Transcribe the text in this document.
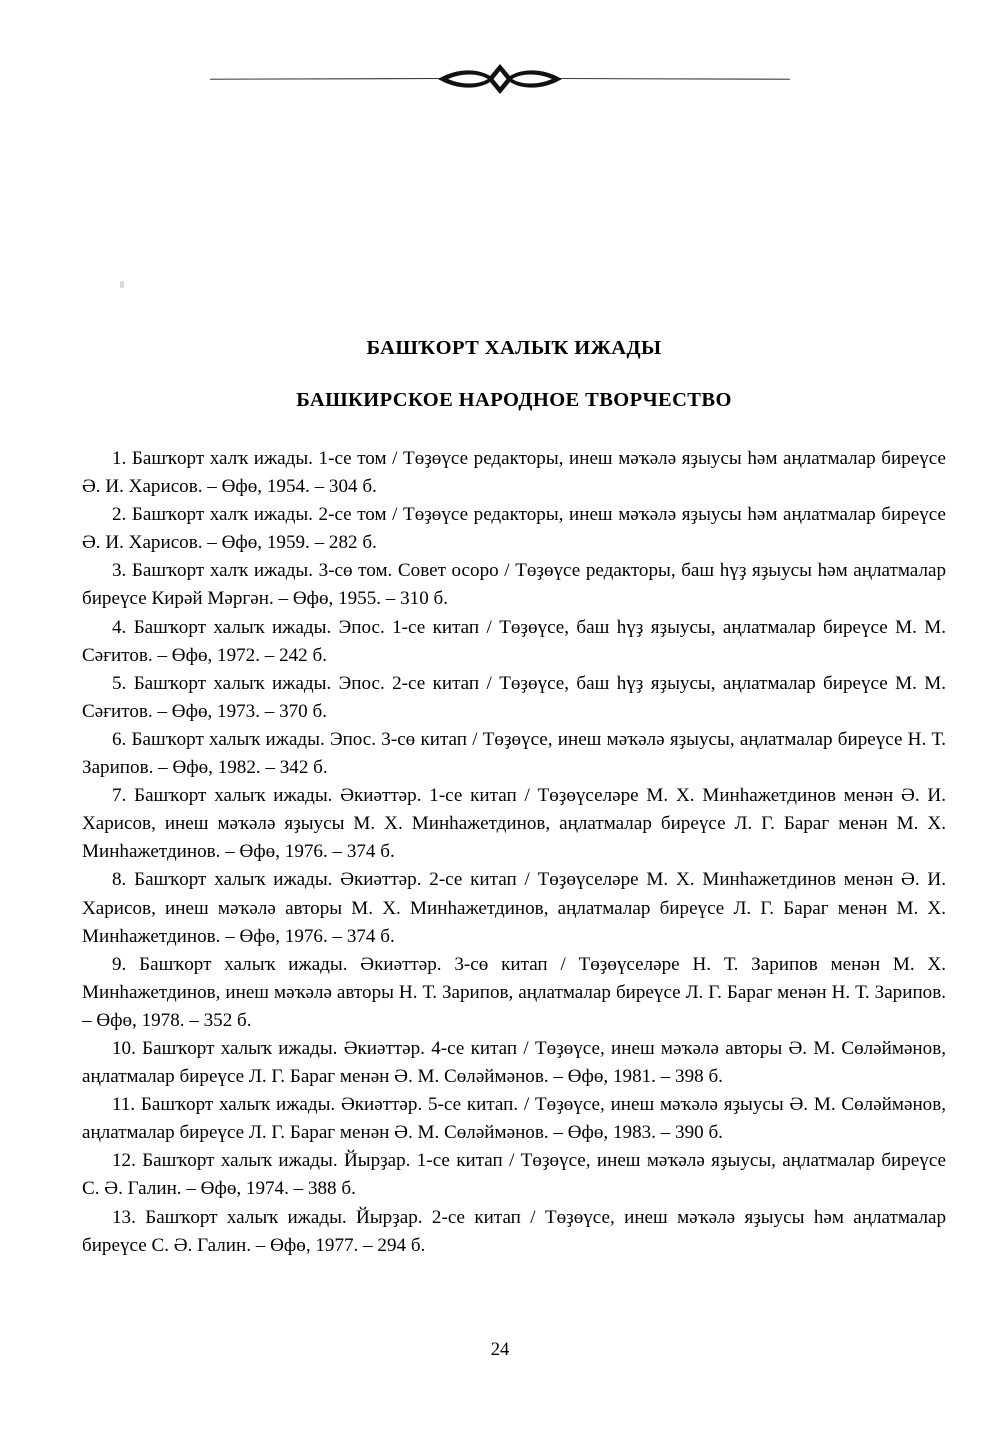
БАШҠОРТ ХАЛЫҠ ИЖАДЫ
БАШКИРСКОЕ НАРОДНОЕ ТВОРЧЕСТВО

1. Башҡорт халҡ ижады. 1-се том / Төҙөүсе редакторы, инеш мәҡәлә яҙыусы һәм аңлатмалар биреүсе Ә. И. Харисов. – Өфө, 1954. – 304 б.

2. Башҡорт халҡ ижады. 2-се том / Төҙөүсе редакторы, инеш мәҡәлә яҙыусы һәм аңлатмалар биреүсе Ә. И. Харисов. – Өфө, 1959. – 282 б.

3. Башҡорт халҡ ижады. 3-сө том. Совет осоро / Төҙөүсе редакторы, баш һүҙ яҙыусы һәм аңлатмалар биреүсе Кирәй Мәргән. – Өфө, 1955. – 310 б.

4. Башҡорт халыҡ ижады. Эпос. 1-се китап / Төҙөүсе, баш һүҙ яҙыусы, аңлатмалар биреүсе М. М. Сәғитов. – Өфө, 1972. – 242 б.

5. Башҡорт халыҡ ижады. Эпос. 2-се китап / Төҙөүсе, баш һүҙ яҙыусы, аңлатмалар биреүсе М. М. Сәғитов. – Өфө, 1973. – 370 б.

6. Башҡорт халыҡ ижады. Эпос. 3-сө китап / Төҙөүсе, инеш мәҡәлә яҙыусы, аңлатмалар биреүсе Н. Т. Зарипов. – Өфө, 1982. – 342 б.

7. Башҡорт халыҡ ижады. Әкиәттәр. 1-се китап / Төҙөүселәре М. Х. Минһажетдинов менән Ә. И. Харисов, инеш мәҡәлә яҙыусы М. Х. Минһажетдинов, аңлатмалар биреүсе Л. Г. Бараг менән М. Х. Минһажетдинов. – Өфө, 1976. – 374 б.

8. Башҡорт халыҡ ижады. Әкиәттәр. 2-се китап / Төҙөүселәре М. Х. Минһажетдинов менән Ә. И. Харисов, инеш мәҡәлә авторы М. Х. Минһажетдинов, аңлатмалар биреүсе Л. Г. Бараг менән М. Х. Минһажетдинов. – Өфө, 1976. – 374 б.

9. Башҡорт халыҡ ижады. Әкиәттәр. 3-сө китап / Төҙөүселәре Н. Т. Зарипов менән М. Х. Минһажетдинов, инеш мәҡәлә авторы Н. Т. Зарипов, аңлатмалар биреүсе Л. Г. Бараг менән Н. Т. Зарипов. – Өфө, 1978. – 352 б.

10. Башҡорт халыҡ ижады. Әкиәттәр. 4-се китап / Төҙөүсе, инеш мәҡәлә авторы Ә. М. Сөләймәнов, аңлатмалар биреүсе Л. Г. Бараг менән Ә. М. Сөләймәнов. – Өфө, 1981. – 398 б.

11. Башҡорт халыҡ ижады. Әкиәттәр. 5-се китап. / Төҙөүсе, инеш мәҡәлә яҙыусы Ә. М. Сөләймәнов, аңлатмалар биреүсе Л. Г. Бараг менән Ә. М. Сөләймәнов. – Өфө, 1983. – 390 б.

12. Башҡорт халыҡ ижады. Йырҙар. 1-се китап / Төҙөүсе, инеш мәҡәлә яҙыусы, аңлатмалар биреүсе С. Ә. Галин. – Өфө, 1974. – 388 б.

13. Башҡорт халыҡ ижады. Йырҙар. 2-се китап / Төҙөүсе, инеш мәҡәлә яҙыусы һәм аңлатмалар биреүсе С. Ә. Галин. – Өфө, 1977. – 294 б.

24
